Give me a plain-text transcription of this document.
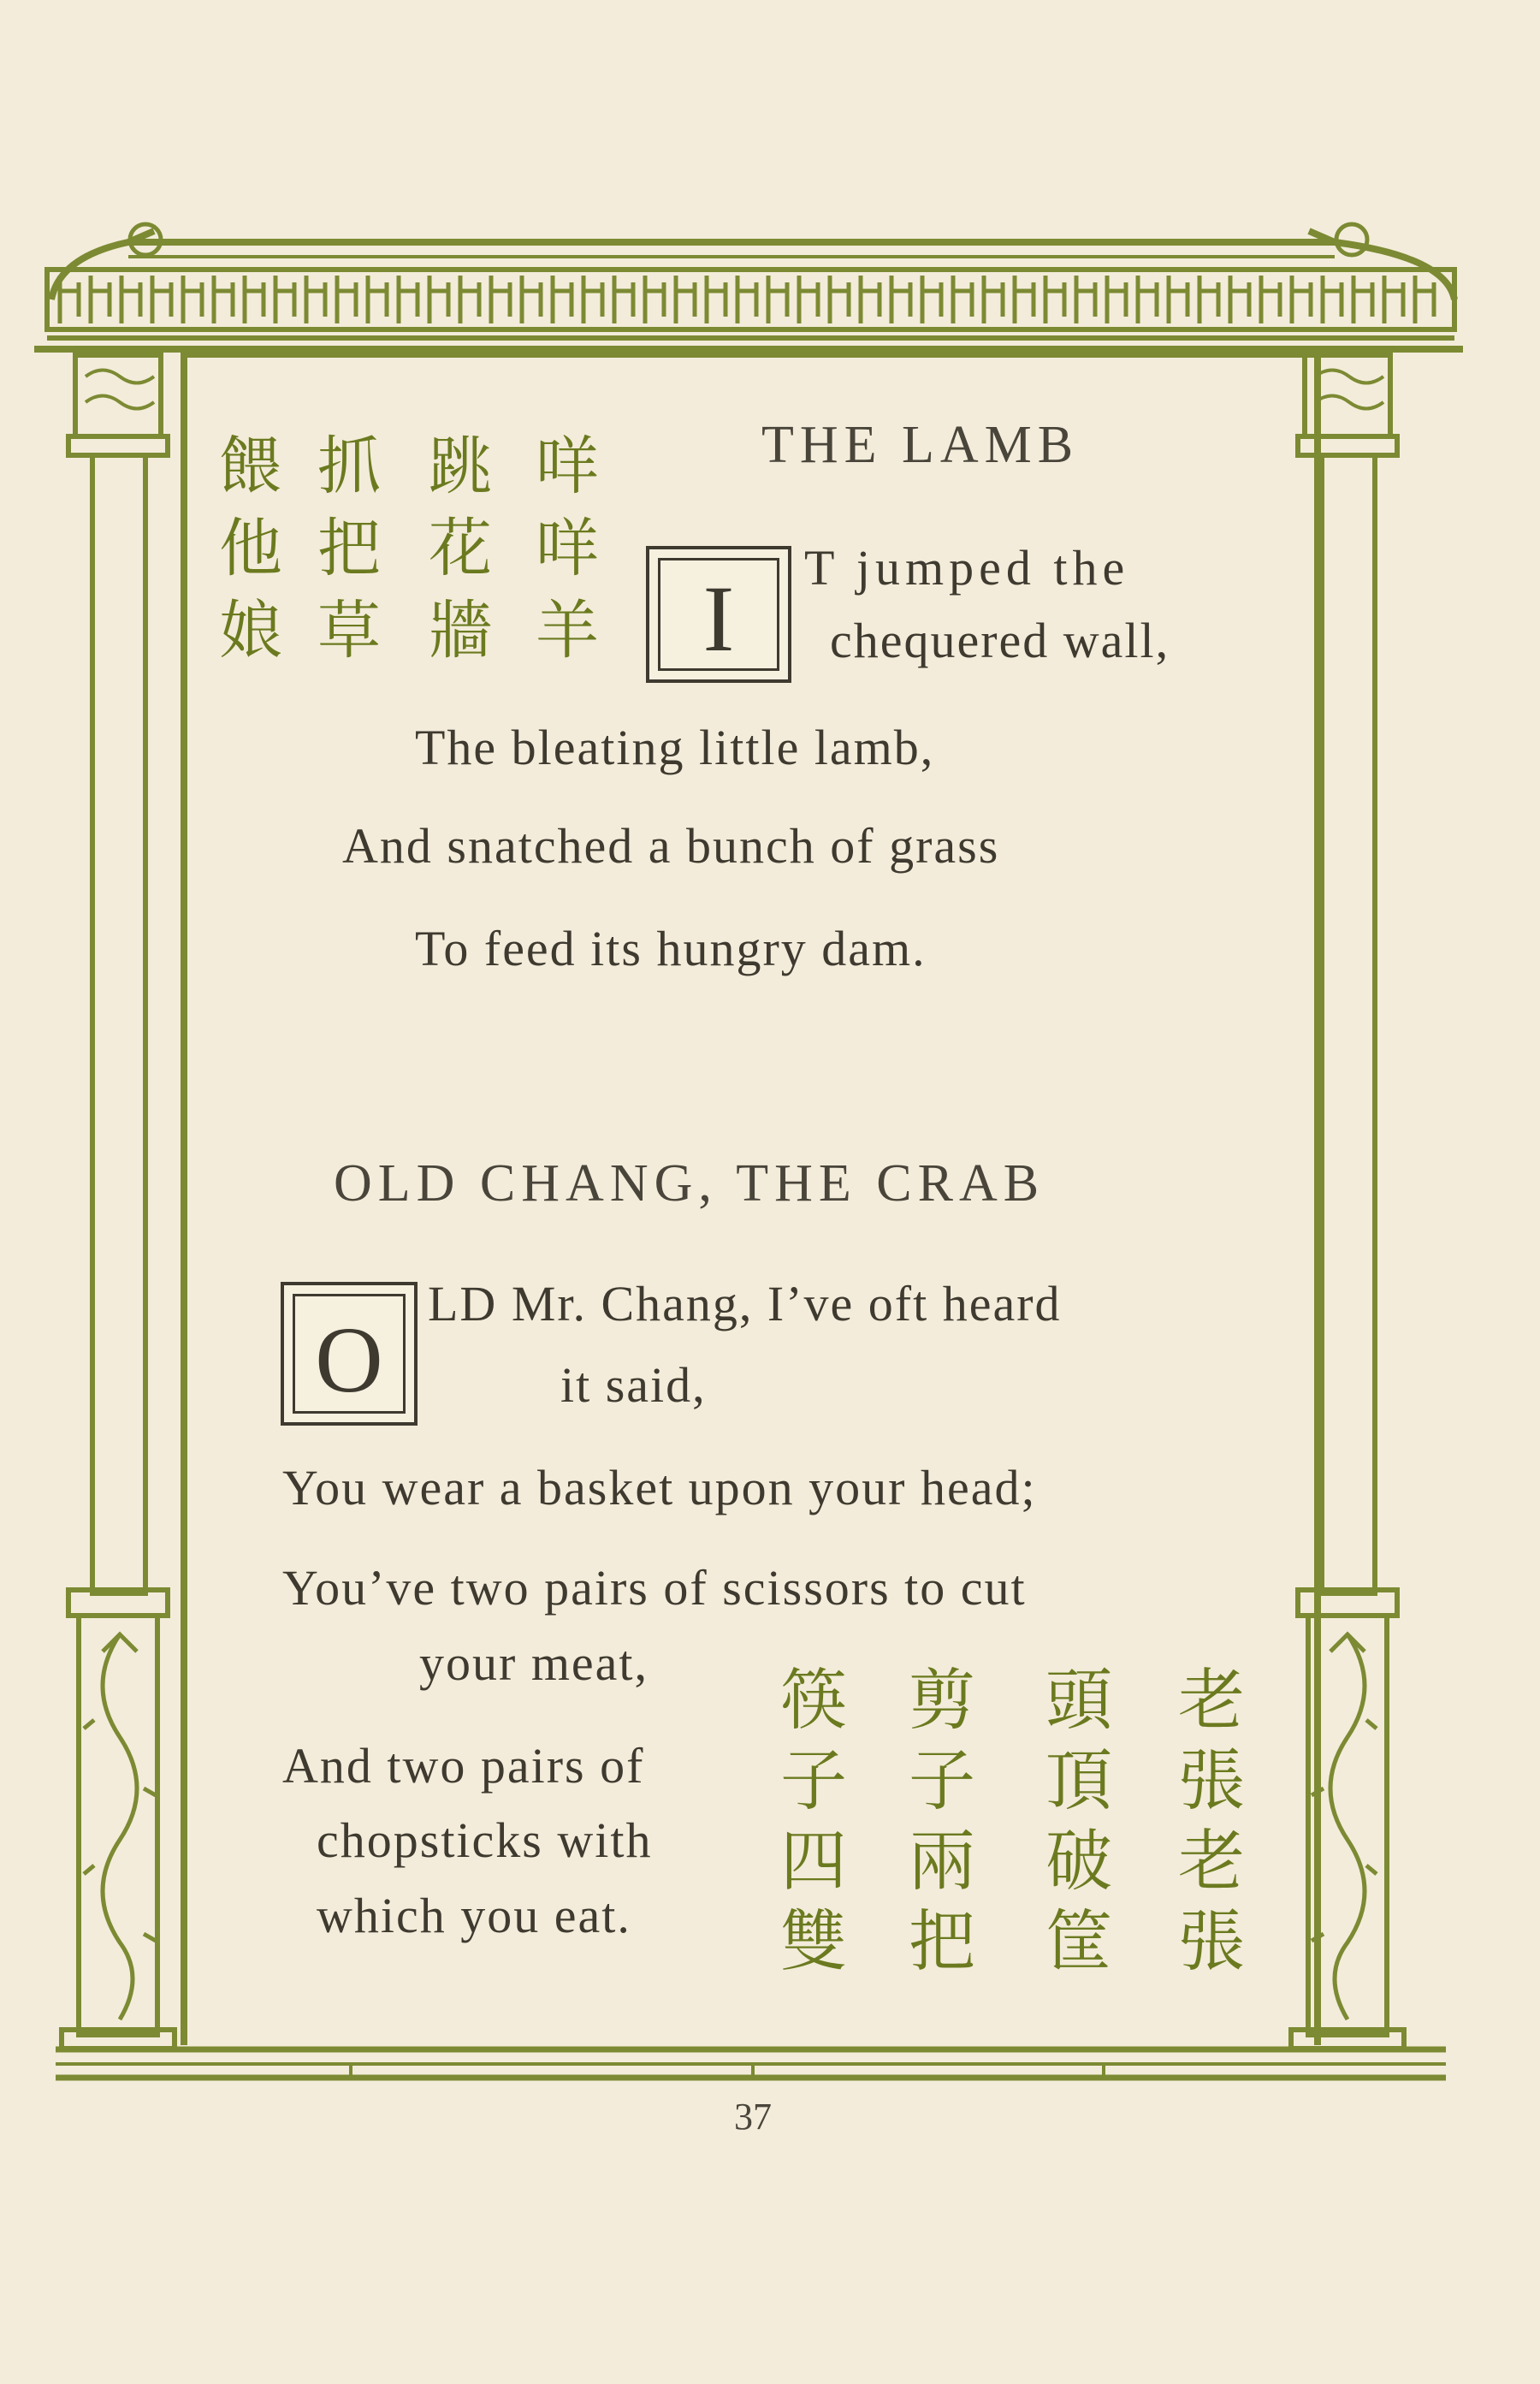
餵他娘 抓把草 跳花牆 咩咩羊	THE LAMB
I	T jumped the
chequered wall,
The bleating little lamb,
And snatched a bunch of grass
To feed its hungry dam.
OLD CHANG, THE CRAB
O
LD Mr. Chang, I’ve oft heard
it said,
You wear a basket upon your head;
You’ve two pairs of scissors to cut
your meat,
And two pairs of
chopsticks with
which you eat. 筷子四雙 剪子兩把 頭頂破筐 老張老張
37
